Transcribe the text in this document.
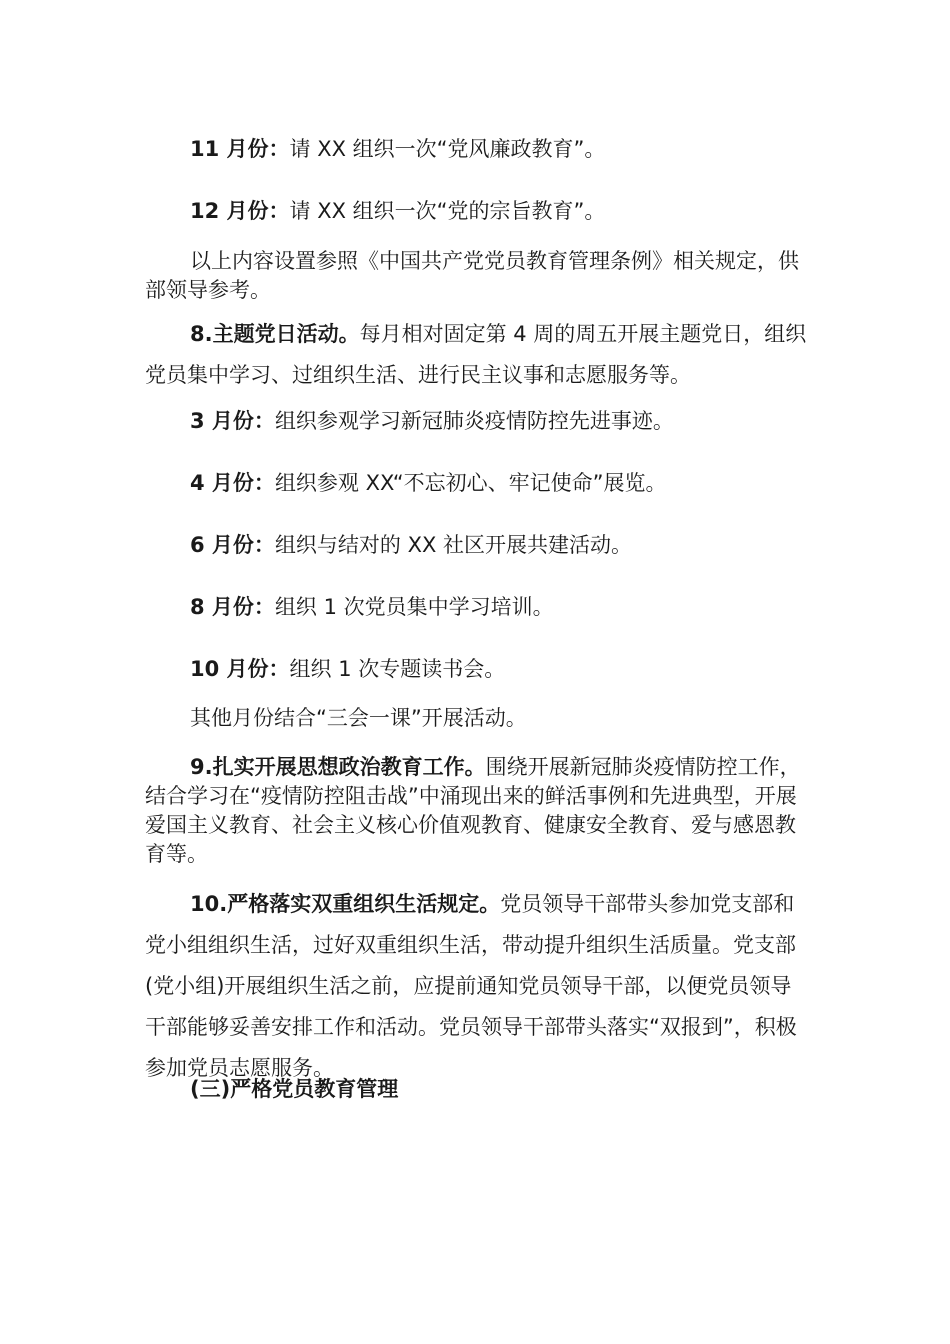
11 月份：请 XX 组织一次“党风廉政教育”。

12 月份：请 XX 组织一次“党的宗旨教育”。

以上内容设置参照《中国共产党党员教育管理条例》相关规定，供部领导参考。

8.主题党日活动。每月相对固定第 4 周的周五开展主题党日，组织党员集中学习、过组织生活、进行民主议事和志愿服务等。

3 月份：组织参观学习新冠肺炎疫情防控先进事迹。

4 月份：组织参观 XX“不忘初心、牢记使命”展览。

6 月份：组织与结对的 XX 社区开展共建活动。

8 月份：组织 1 次党员集中学习培训。

10 月份：组织 1 次专题读书会。

其他月份结合“三会一课”开展活动。

9.扎实开展思想政治教育工作。围绕开展新冠肺炎疫情防控工作，结合学习在“疫情防控阻击战”中涌现出来的鲜活事例和先进典型，开展爱国主义教育、社会主义核心价值观教育、健康安全教育、爱与感恩教育等。

10.严格落实双重组织生活规定。党员领导干部带头参加党支部和党小组组织生活，过好双重组织生活，带动提升组织生活质量。党支部(党小组)开展组织生活之前，应提前通知党员领导干部，以便党员领导干部能够妥善安排工作和活动。党员领导干部带头落实“双报到”，积极参加党员志愿服务。

(三)严格党员教育管理
